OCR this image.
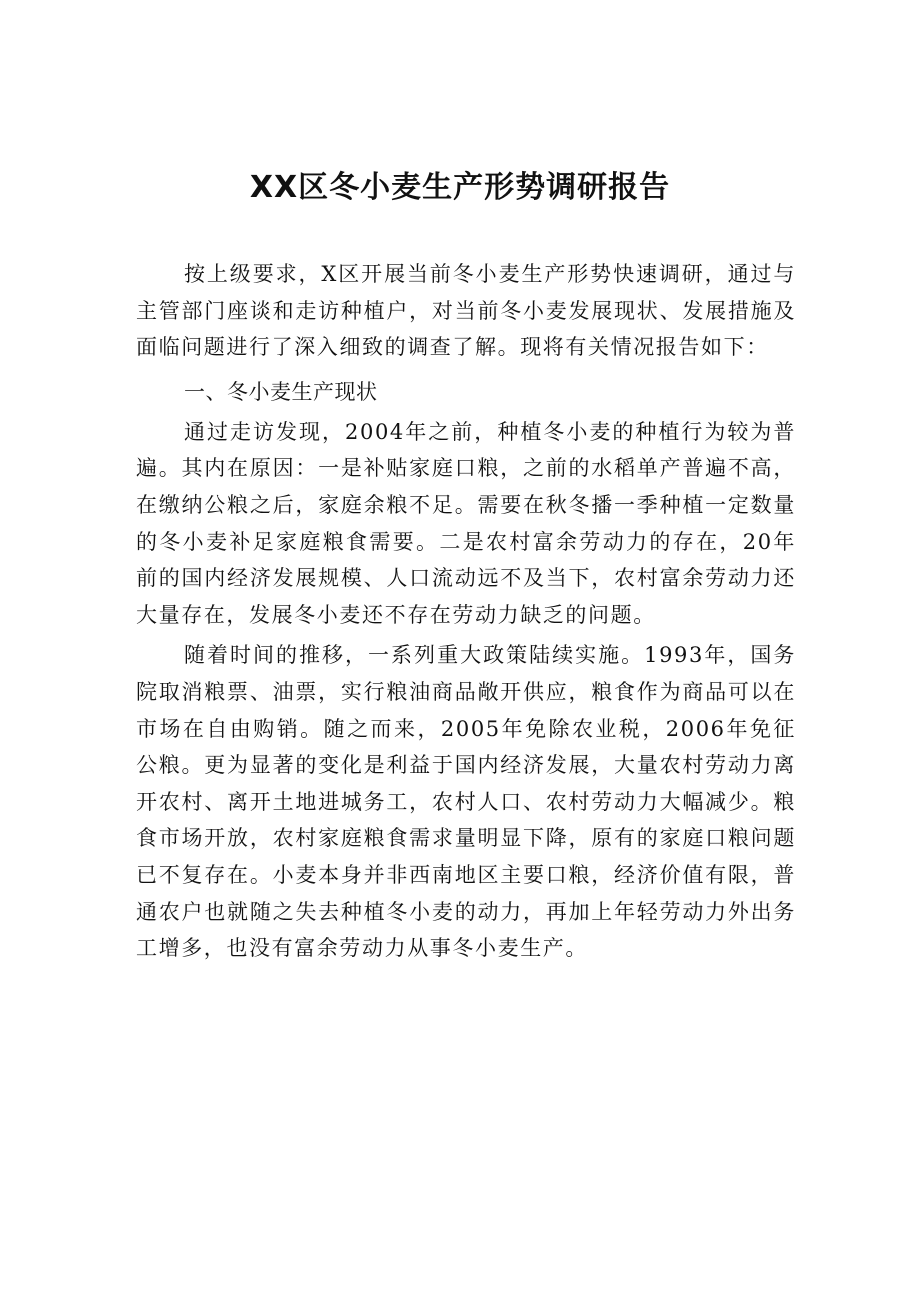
XX区冬小麦生产形势调研报告

按上级要求，X区开展当前冬小麦生产形势快速调研，通过与主管部门座谈和走访种植户，对当前冬小麦发展现状、发展措施及面临问题进行了深入细致的调查了解。现将有关情况报告如下：

一、冬小麦生产现状

通过走访发现，2004年之前，种植冬小麦的种植行为较为普遍。其内在原因：一是补贴家庭口粮，之前的水稻单产普遍不高，在缴纳公粮之后，家庭余粮不足。需要在秋冬播一季种植一定数量的冬小麦补足家庭粮食需要。二是农村富余劳动力的存在，20年前的国内经济发展规模、人口流动远不及当下，农村富余劳动力还大量存在，发展冬小麦还不存在劳动力缺乏的问题。

随着时间的推移，一系列重大政策陆续实施。1993年，国务院取消粮票、油票，实行粮油商品敞开供应，粮食作为商品可以在市场在自由购销。随之而来，2005年免除农业税，2006年免征公粮。更为显著的变化是利益于国内经济发展，大量农村劳动力离开农村、离开土地进城务工，农村人口、农村劳动力大幅减少。粮食市场开放，农村家庭粮食需求量明显下降，原有的家庭口粮问题已不复存在。小麦本身并非西南地区主要口粮，经济价值有限，普通农户也就随之失去种植冬小麦的动力，再加上年轻劳动力外出务工增多，也没有富余劳动力从事冬小麦生产。
